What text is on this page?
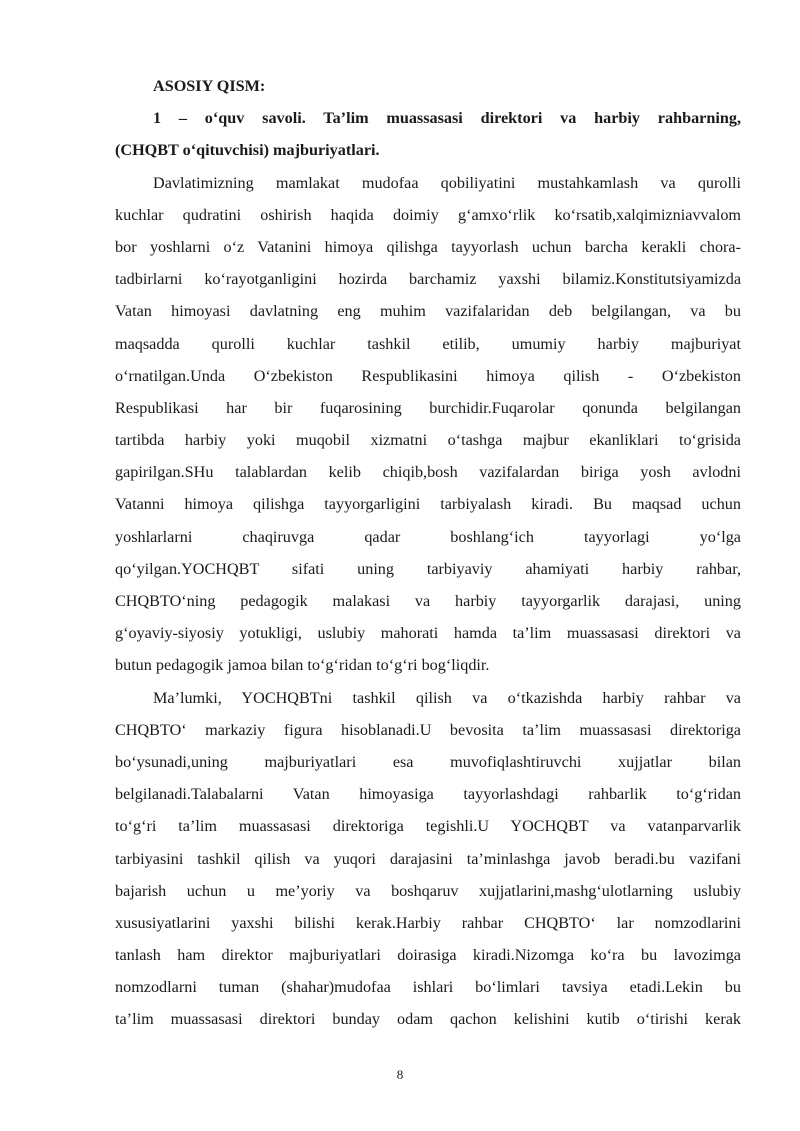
ASOSIY QISM:
1 – o‘quv savoli. Ta’lim muassasasi direktori va harbiy rahbarning,
(CHQBT o‘qituvchisi) majburiyatlari.
Davlatimizning mamlakat mudofaa qobiliyatini mustahkamlash va qurolli
kuchlar qudratini oshirish haqida doimiy g‘amxo‘rlik ko‘rsatib,xalqimizniavvalom
bor yoshlarni o‘z Vatanini himoya qilishga tayyorlash uchun barcha kerakli chora-
tadbirlarni ko‘rayotganligini hozirda barchamiz yaxshi bilamiz.Konstitutsiyamizda
Vatan himoyasi davlatning eng muhim vazifalaridan deb belgilangan, va bu
maqsadda qurolli kuchlar tashkil etilib, umumiy harbiy majburiyat
o‘rnatilgan.Unda O‘zbekiston Respublikasini himoya qilish - O‘zbekiston
Respublikasi har bir fuqarosining burchidir.Fuqarolar qonunda belgilangan
tartibda harbiy yoki muqobil xizmatni o‘tashga majbur ekanliklari to‘grisida
gapirilgan.SHu talablardan kelib chiqib,bosh vazifalardan biriga yosh avlodni
Vatanni himoya qilishga tayyorgarligini tarbiyalash kiradi. Bu maqsad uchun
yoshlarlarni chaqiruvga qadar boshlang‘ich tayyorlagi yo‘lga
qo‘yilgan.YOCHQBT sifati uning tarbiyaviy ahamiyati harbiy rahbar,
CHQBTO‘ning pedagogik malakasi va harbiy tayyorgarlik darajasi, uning
g‘oyaviy-siyosiy yotukligi, uslubiy mahorati hamda ta’lim muassasasi direktori va
butun pedagogik jamoa bilan to‘g‘ridan to‘g‘ri bog‘liqdir.
Ma’lumki, YOCHQBTni tashkil qilish va o‘tkazishda harbiy rahbar va
CHQBTO‘ markaziy figura hisoblanadi.U bevosita ta’lim muassasasi direktoriga
bo‘ysunadi,uning majburiyatlari esa muvofiqlashtiruvchi xujjatlar bilan
belgilanadi.Talabalarni Vatan himoyasiga tayyorlashdagi rahbarlik to‘g‘ridan
to‘g‘ri ta’lim muassasasi direktoriga tegishli.U YOCHQBT va vatanparvarlik
tarbiyasini tashkil qilish va yuqori darajasini ta’minlashga javob beradi.bu vazifani
bajarish uchun u me’yoriy va boshqaruv xujjatlarini,mashg‘ulotlarning uslubiy
xususiyatlarini yaxshi bilishi kerak.Harbiy rahbar CHQBTO‘ lar nomzodlarini
tanlash ham direktor majburiyatlari doirasiga kiradi.Nizomga ko‘ra bu lavozimga
nomzodlarni tuman (shahar)mudofaa ishlari bo‘limlari tavsiya etadi.Lekin bu
ta’lim muassasasi direktori bunday odam qachon kelishini kutib o‘tirishi kerak
8
